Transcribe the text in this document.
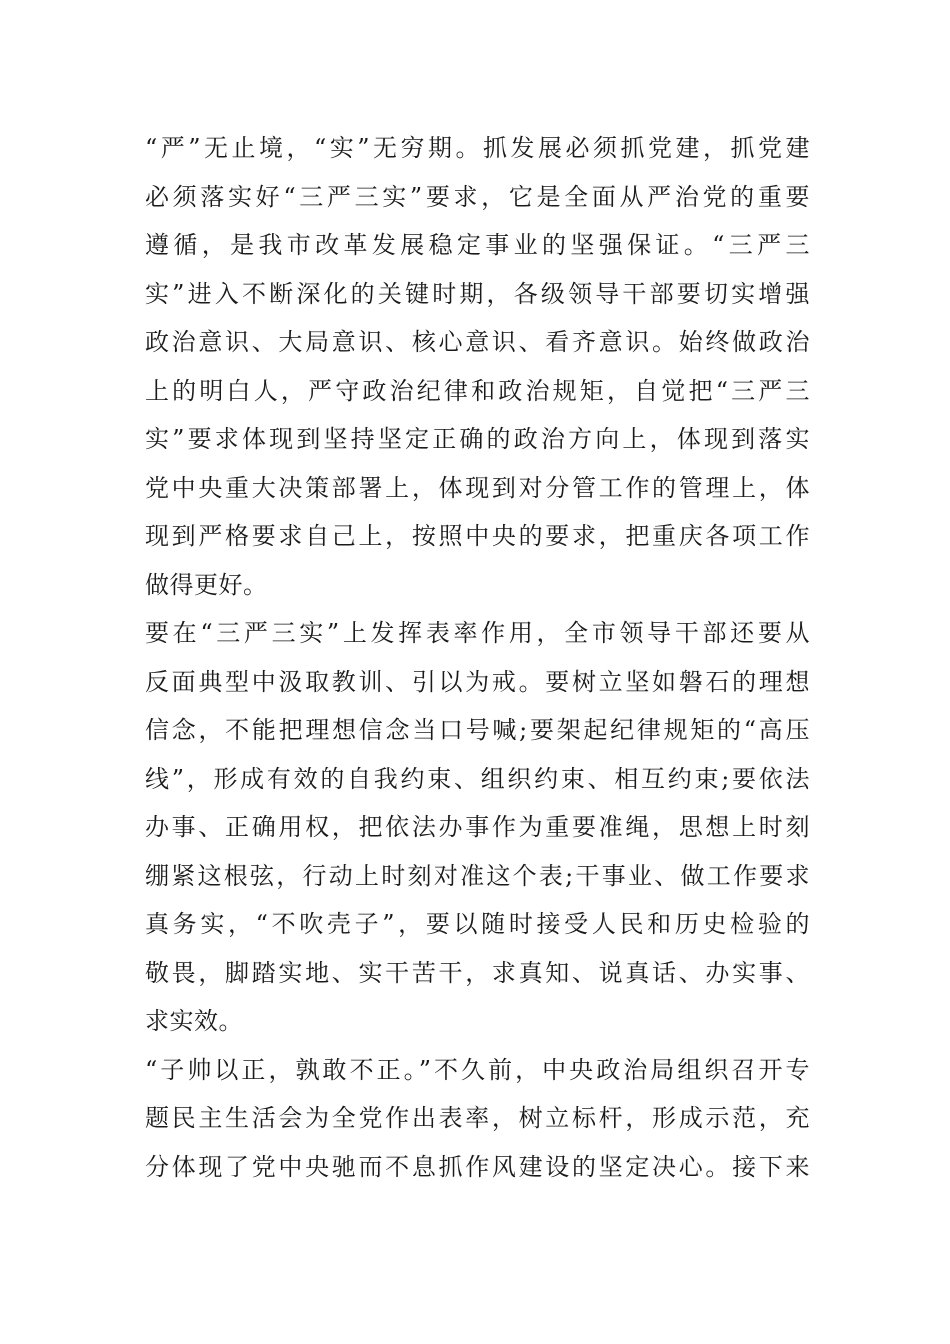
“严”无止境，“实”无穷期。抓发展必须抓党建，抓党建
必须落实好“三严三实”要求，它是全面从严治党的重要
遵循，是我市改革发展稳定事业的坚强保证。“三严三
实”进入不断深化的关键时期，各级领导干部要切实增强
政治意识、大局意识、核心意识、看齐意识。始终做政治
上的明白人，严守政治纪律和政治规矩，自觉把“三严三
实”要求体现到坚持坚定正确的政治方向上，体现到落实
党中央重大决策部署上，体现到对分管工作的管理上，体
现到严格要求自己上，按照中央的要求，把重庆各项工作
做得更好。
要在“三严三实”上发挥表率作用，全市领导干部还要从
反面典型中汲取教训、引以为戒。要树立坚如磐石的理想
信念，不能把理想信念当口号喊;要架起纪律规矩的“高压
线”，形成有效的自我约束、组织约束、相互约束;要依法
办事、正确用权，把依法办事作为重要准绳，思想上时刻
绷紧这根弦，行动上时刻对准这个表;干事业、做工作要求
真务实，“不吹壳子”，要以随时接受人民和历史检验的
敬畏，脚踏实地、实干苦干，求真知、说真话、办实事、
求实效。
“子帅以正，孰敢不正。”不久前，中央政治局组织召开专
题民主生活会为全党作出表率，树立标杆，形成示范，充
分体现了党中央驰而不息抓作风建设的坚定决心。接下来
